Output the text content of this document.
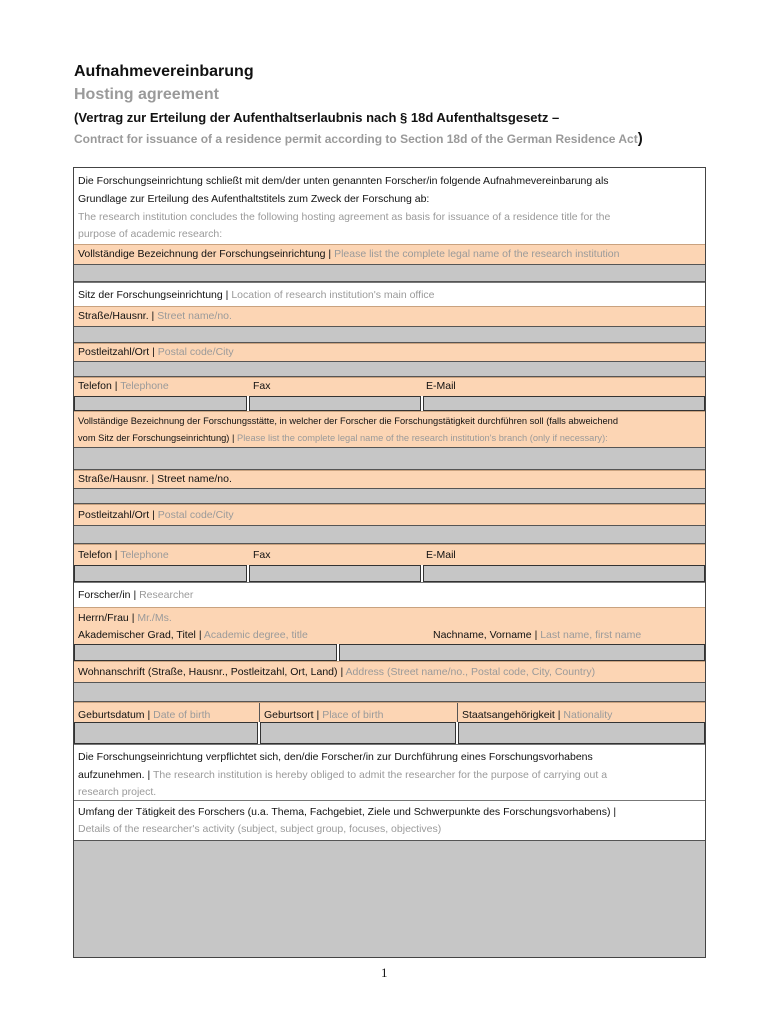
Aufnahmevereinbarung
Hosting agreement
(Vertrag zur Erteilung der Aufenthaltserlaubnis nach § 18d Aufenthaltsgesetz –
Contract for issuance of a residence permit according to Section 18d of the German Residence Act)
Die Forschungseinrichtung schließt mit dem/der unten genannten Forscher/in folgende Aufnahmevereinbarung als
Grundlage zur Erteilung des Aufenthaltstitels zum Zweck der Forschung ab:
The research institution concludes the following hosting agreement as basis for issuance of a residence title for the
purpose of academic research:
Vollständige Bezeichnung der Forschungseinrichtung | Please list the complete legal name of the research institution
Sitz der Forschungseinrichtung | Location of research institution's main office
Straße/Hausnr. | Street name/no.
Postleitzahl/Ort | Postal code/City
Telefon | Telephone	Fax	E-Mail
Vollständige Bezeichnung der Forschungsstätte, in welcher der Forscher die Forschungstätigkeit durchführen soll (falls abweichend
vom Sitz der Forschungseinrichtung) | Please list the complete legal name of the research institution's branch (only if necessary):
Straße/Hausnr. | Street name/no.
Postleitzahl/Ort | Postal code/City
Telefon | Telephone	Fax	E-Mail
Forscher/in | Researcher
Herrn/Frau | Mr./Ms.
Akademischer Grad, Titel | Academic degree, title	Nachname, Vorname | Last name, first name
Wohnanschrift (Straße, Hausnr., Postleitzahl, Ort, Land) | Address (Street name/no., Postal code, City, Country)
Geburtsdatum | Date of birth	Geburtsort | Place of birth	Staatsangehörigkeit | Nationality
Die Forschungseinrichtung verpflichtet sich, den/die Forscher/in zur Durchführung eines Forschungsvorhabens
aufzunehmen. | The research institution is hereby obliged to admit the researcher for the purpose of carrying out a
research project.
Umfang der Tätigkeit des Forschers (u.a. Thema, Fachgebiet, Ziele und Schwerpunkte des Forschungsvorhabens) |
Details of the researcher's activity (subject, subject group, focuses, objectives)
1
